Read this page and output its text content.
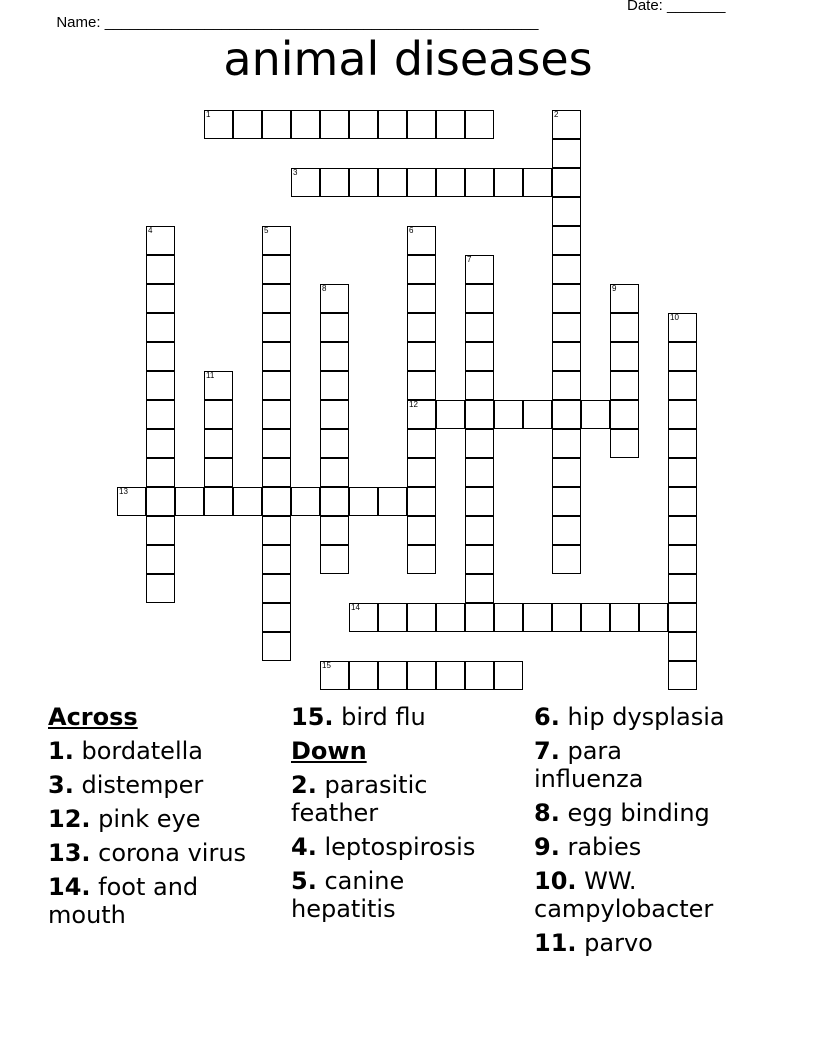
Name: ____________________________________________________

Date: _______

animal diseases
1	2
3
4	5	6
12
7
8	9
10
11
13
14
15
Across
1. bordatella
3. distemper
12. pink eye
13. corona virus
14. foot and mouth
15. bird flu
Down
2. parasitic feather
4. leptospirosis
5. canine hepatitis
6. hip dysplasia
7. para influenza
8. egg binding
9. rabies
10. WW. campylobacter
11. parvo
